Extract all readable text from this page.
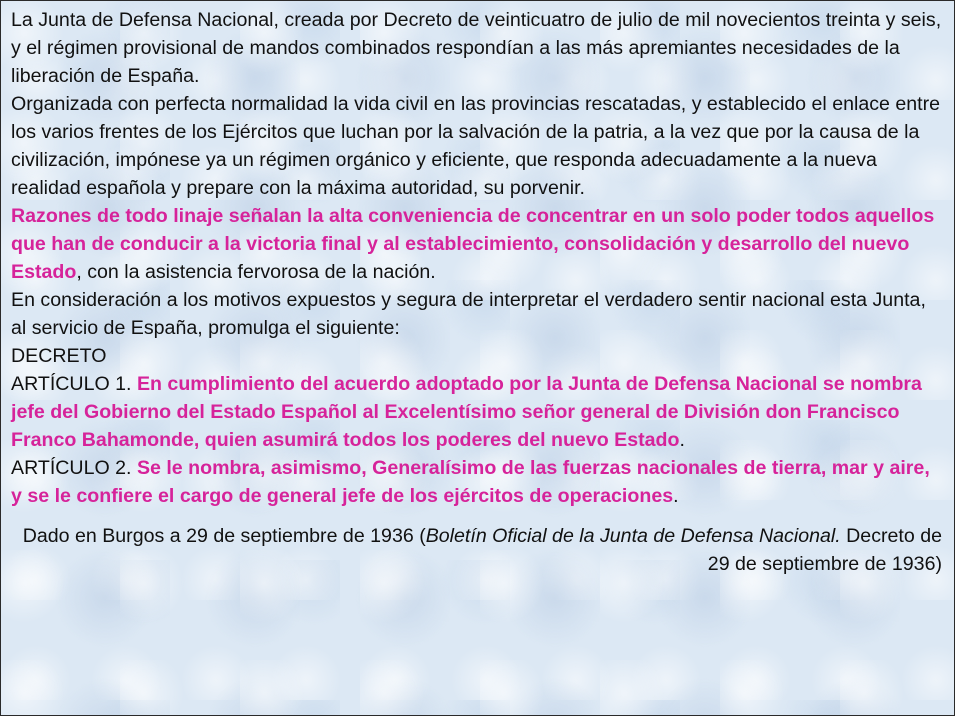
La Junta de Defensa Nacional, creada por Decreto de veinticuatro de julio de mil novecientos treinta y seis, y el régimen provisional de mandos combinados respondían a las más apremiantes necesidades de la liberación de España.

Organizada con perfecta normalidad la vida civil en las provincias rescatadas, y establecido el enlace entre los varios frentes de los Ejércitos que luchan por la salvación de la patria, a la vez que por la causa de la civilización, impónese ya un régimen orgánico y eficiente, que responda adecuadamente a la nueva realidad española y prepare con la máxima autoridad, su porvenir.

Razones de todo linaje señalan la alta conveniencia de concentrar en un solo poder todos aquellos que han de conducir a la victoria final y al establecimiento, consolidación y desarrollo del nuevo Estado, con la asistencia fervorosa de la nación.

En consideración a los motivos expuestos y segura de interpretar el verdadero sentir nacional esta Junta, al servicio de España, promulga el siguiente:

DECRETO

ARTÍCULO 1. En cumplimiento del acuerdo adoptado por la Junta de Defensa Nacional se nombra jefe del Gobierno del Estado Español al Excelentísimo señor general de División don Francisco Franco Bahamonde, quien asumirá todos los poderes del nuevo Estado.

ARTÍCULO 2. Se le nombra, asimismo, Generalísimo de las fuerzas nacionales de tierra, mar y aire, y se le confiere el cargo de general jefe de los ejércitos de operaciones.

Dado en Burgos a 29 de septiembre de 1936 (Boletín Oficial de la Junta de Defensa Nacional. Decreto de 29 de septiembre de 1936)
